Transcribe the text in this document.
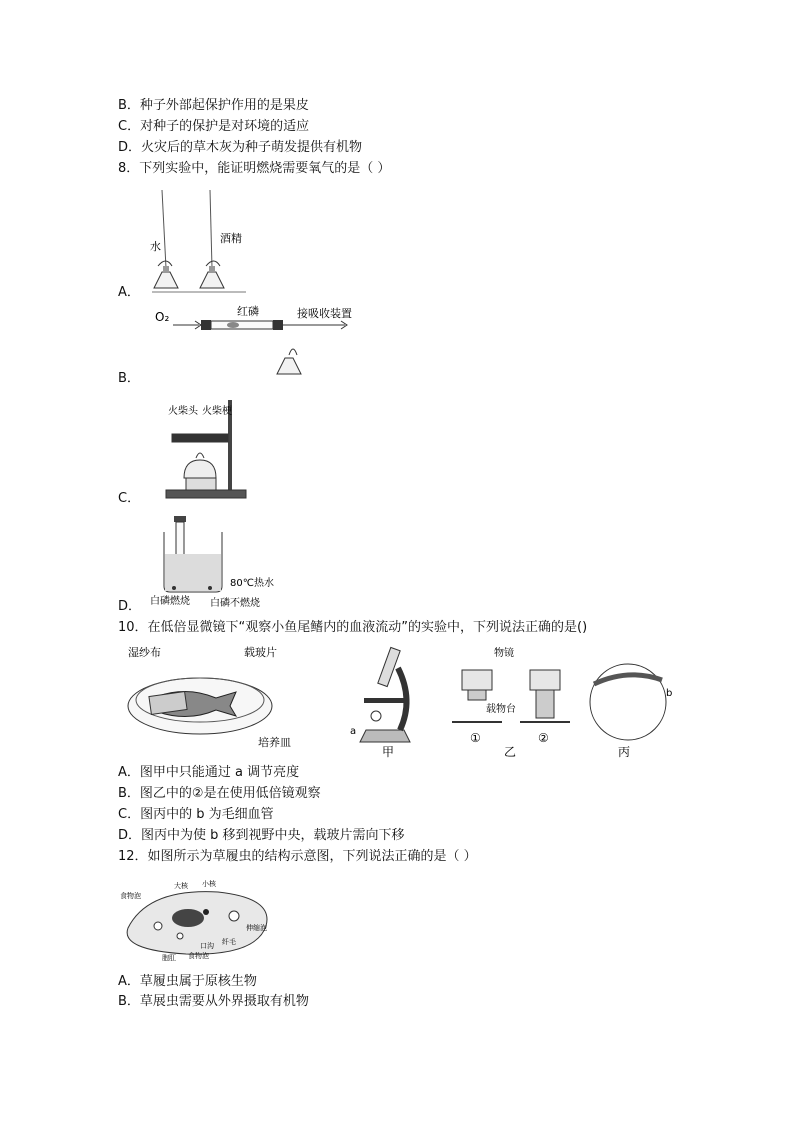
B．种子外部起保护作用的是果皮
C．对种子的保护是对环境的适应
D．火灾后的草木灰为种子萌发提供有机物
8．下列实验中，能证明燃烧需要氧气的是（ ）
水
酒精
A．
O₂	红磷	接吸收装置
B．
火柴头 火柴梗
C．
80℃热水
白磷燃烧 白磷不燃烧
D．
10．在低倍显微镜下“观察小鱼尾鳍内的血液流动”的实验中，下列说法正确的是()
湿纱布	载玻片
培养皿
a
甲
物镜
载物台
①	②
乙
b
丙
A．图甲中只能通过 a 调节亮度
B．图乙中的②是在使用低倍镜观察
C．图丙中的 b 为毛细血管
D．图丙中为使 b 移到视野中央，载玻片需向下移
12．如图所示为草履虫的结构示意图，下列说法正确的是（ ）
食物泡
大核 小核
伸缩泡
口沟 纤毛
食物泡
胞肛
A．草履虫属于原核生物
B．草展虫需要从外界摄取有机物
